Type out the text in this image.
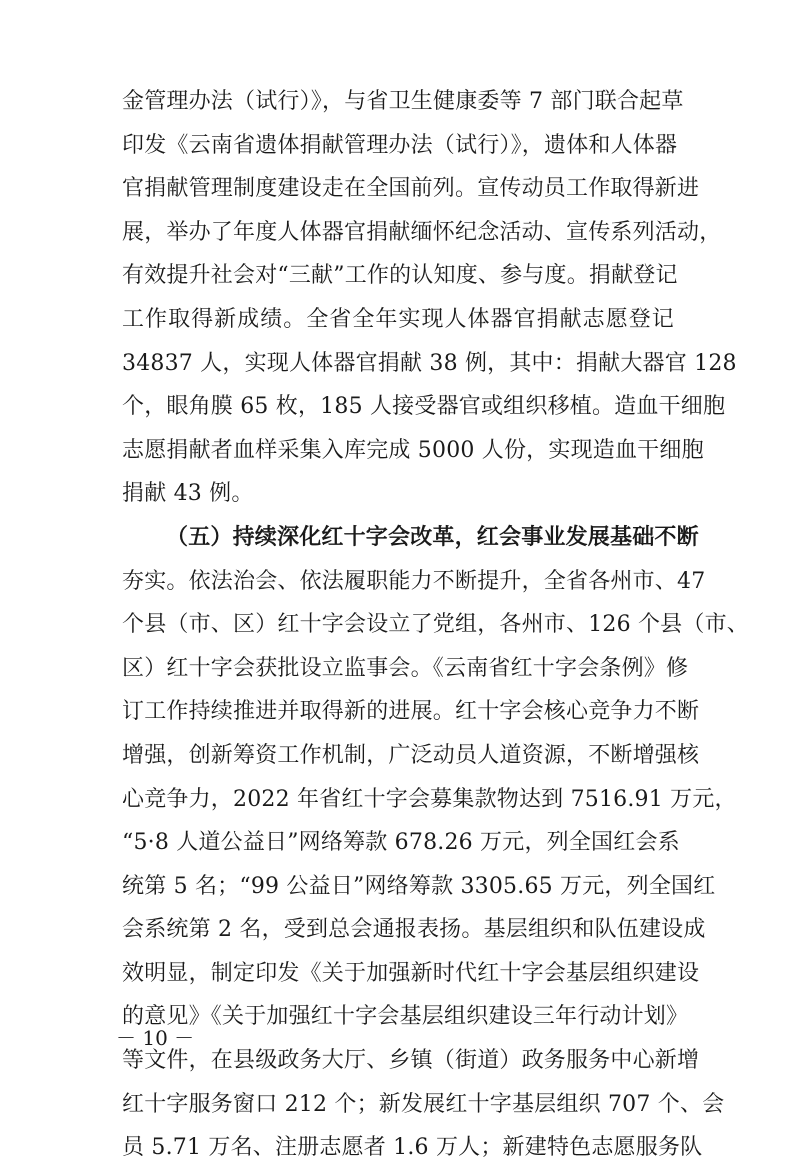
金管理办法（试行）》，与省卫生健康委等 7 部门联合起草
印发《云南省遗体捐献管理办法（试行）》，遗体和人体器
官捐献管理制度建设走在全国前列。宣传动员工作取得新进
展，举办了年度人体器官捐献缅怀纪念活动、宣传系列活动，
有效提升社会对“三献”工作的认知度、参与度。捐献登记
工作取得新成绩。全省全年实现人体器官捐献志愿登记
34837 人，实现人体器官捐献 38 例，其中：捐献大器官 128
个，眼角膜 65 枚，185 人接受器官或组织移植。造血干细胞
志愿捐献者血样采集入库完成 5000 人份，实现造血干细胞
捐献 43 例。
（五）持续深化红十字会改革，红会事业发展基础不断
夯实。依法治会、依法履职能力不断提升，全省各州市、47
个县（市、区）红十字会设立了党组，各州市、126 个县（市、
区）红十字会获批设立监事会。《云南省红十字会条例》修
订工作持续推进并取得新的进展。红十字会核心竞争力不断
增强，创新筹资工作机制，广泛动员人道资源，不断增强核
心竞争力，2022 年省红十字会募集款物达到 7516.91 万元，
“5·8 人道公益日”网络筹款 678.26 万元，列全国红会系
统第 5 名；“99 公益日”网络筹款 3305.65 万元，列全国红
会系统第 2 名，受到总会通报表扬。基层组织和队伍建设成
效明显，制定印发《关于加强新时代红十字会基层组织建设
的意见》《关于加强红十字会基层组织建设三年行动计划》
等文件，在县级政务大厅、乡镇（街道）政务服务中心新增
红十字服务窗口 212 个；新发展红十字基层组织 707 个、会
员 5.71 万名、注册志愿者 1.6 万人；新建特色志愿服务队
－ 10 －
